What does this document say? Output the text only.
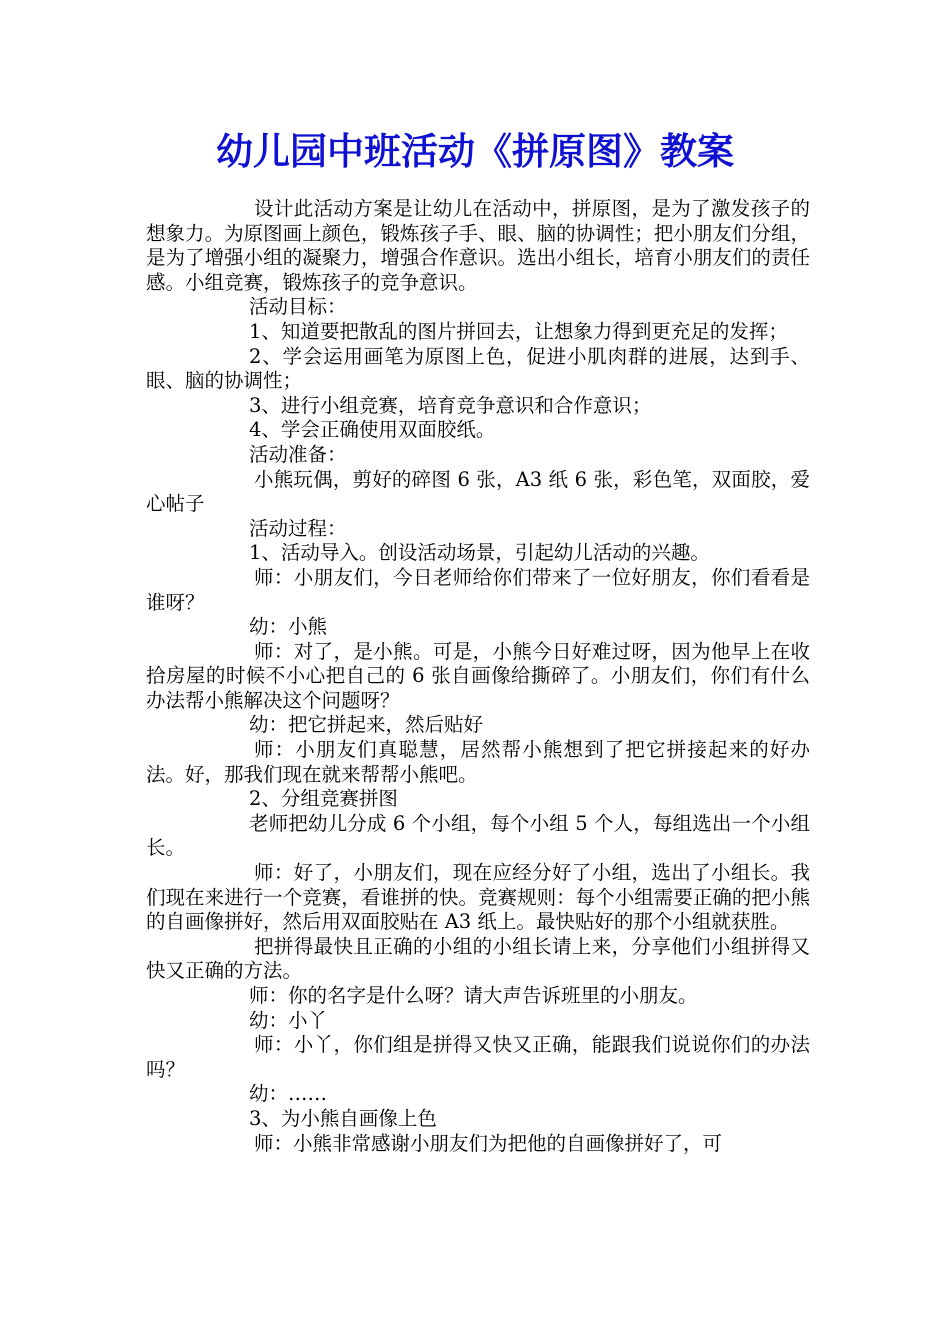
幼儿园中班活动《拼原图》教案

设计此活动方案是让幼儿在活动中，拼原图，是为了激发孩子的想象力。为原图画上颜色，锻炼孩子手、眼、脑的协调性；把小朋友们分组，是为了增强小组的凝聚力，增强合作意识。选出小组长，培育小朋友们的责任感。小组竞赛，锻炼孩子的竞争意识。

活动目标：

1、知道要把散乱的图片拼回去，让想象力得到更充足的发挥；

2、学会运用画笔为原图上色，促进小肌肉群的进展，达到手、眼、脑的协调性；

3、进行小组竞赛，培育竞争意识和合作意识；

4、学会正确使用双面胶纸。

活动准备：

小熊玩偶，剪好的碎图 6 张，A3 纸 6 张，彩色笔，双面胶，爱心帖子

活动过程：

1、活动导入。创设活动场景，引起幼儿活动的兴趣。

师：小朋友们，今日老师给你们带来了一位好朋友，你们看看是谁呀？

幼：小熊

师：对了，是小熊。可是，小熊今日好难过呀，因为他早上在收拾房屋的时候不小心把自己的 6 张自画像给撕碎了。小朋友们，你们有什么办法帮小熊解决这个问题呀？

幼：把它拼起来，然后贴好

师：小朋友们真聪慧，居然帮小熊想到了把它拼接起来的好办法。好，那我们现在就来帮帮小熊吧。

2、分组竞赛拼图

老师把幼儿分成 6 个小组，每个小组 5 个人，每组选出一个小组长。

师：好了，小朋友们，现在应经分好了小组，选出了小组长。我们现在来进行一个竞赛，看谁拼的快。竞赛规则：每个小组需要正确的把小熊的自画像拼好，然后用双面胶贴在 A3 纸上。最快贴好的那个小组就获胜。

把拼得最快且正确的小组的小组长请上来，分享他们小组拼得又快又正确的方法。

师：你的名字是什么呀？请大声告诉班里的小朋友。

幼：小丫

师：小丫，你们组是拼得又快又正确，能跟我们说说你们的办法吗？

幼：……

3、为小熊自画像上色

师：小熊非常感谢小朋友们为把他的自画像拼好了，可
